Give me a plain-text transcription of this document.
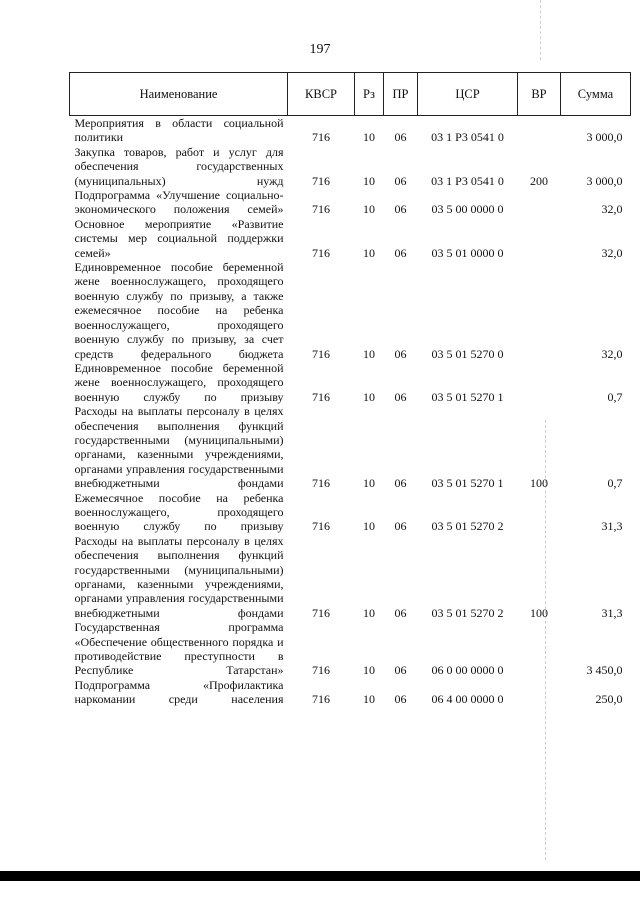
197
Наименование	КВСР	Рз	ПР	ЦСР	ВР	Сумма
Мероприятия в области социальной политики	716	10	06	03 1 Р3 0541 0		3 000,0
Закупка товаров, работ и услуг для обеспечения государственных (муниципальных) нужд	716	10	06	03 1 Р3 0541 0	200	3 000,0
Подпрограмма «Улучшение социально-экономического положения семей»	716	10	06	03 5 00 0000 0		32,0
Основное мероприятие «Развитие системы мер социальной поддержки семей»	716	10	06	03 5 01 0000 0		32,0
Единовременное пособие беременной жене военнослужащего, проходящего военную службу по призыву, а также ежемесячное пособие на ребенка военнослужащего, проходящего военную службу по призыву, за счет средств федерального бюджета	716	10	06	03 5 01 5270 0		32,0
Единовременное пособие беременной жене военнослужащего, проходящего военную службу по призыву	716	10	06	03 5 01 5270 1		0,7
Расходы на выплаты персоналу в целях обеспечения выполнения функций государственными (муниципальными) органами, казенными учреждениями, органами управления государственными внебюджетными фондами	716	10	06	03 5 01 5270 1	100	0,7
Ежемесячное пособие на ребенка военнослужащего, проходящего военную службу по призыву	716	10	06	03 5 01 5270 2		31,3
Расходы на выплаты персоналу в целях обеспечения выполнения функций государственными (муниципальными) органами, казенными учреждениями, органами управления государственными внебюджетными фондами	716	10	06	03 5 01 5270 2	100	31,3
Государственная программа «Обеспечение общественного порядка и противодействие преступности в Республике Татарстан»	716	10	06	06 0 00 0000 0		3 450,0
Подпрограмма «Профилактика наркомании среди населения	716	10	06	06 4 00 0000 0		250,0
